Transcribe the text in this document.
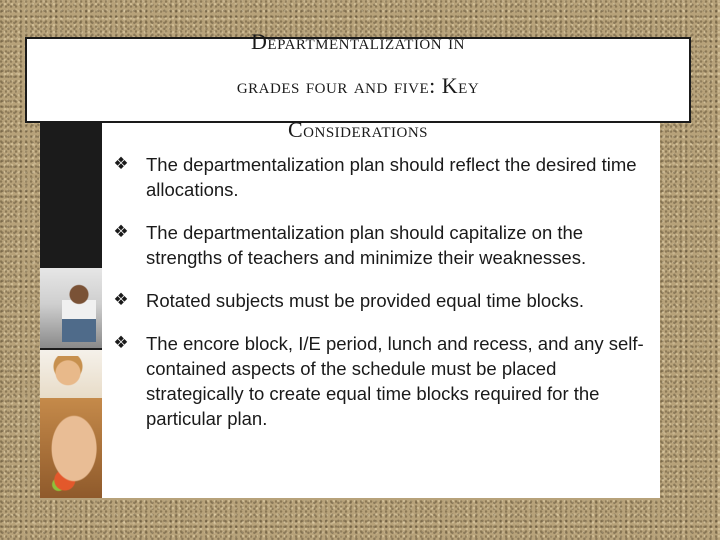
Departmentalization in
grades four and five: Key
Considerations
❖ The departmentalization plan should reflect the desired time allocations.
❖ The departmentalization plan should capitalize on the strengths of teachers and minimize their weaknesses.
❖ Rotated subjects must be provided equal time blocks.
❖ The encore block, I/E period, lunch and recess, and any self-contained aspects of the schedule must be placed strategically to create equal time blocks required for the particular plan.
